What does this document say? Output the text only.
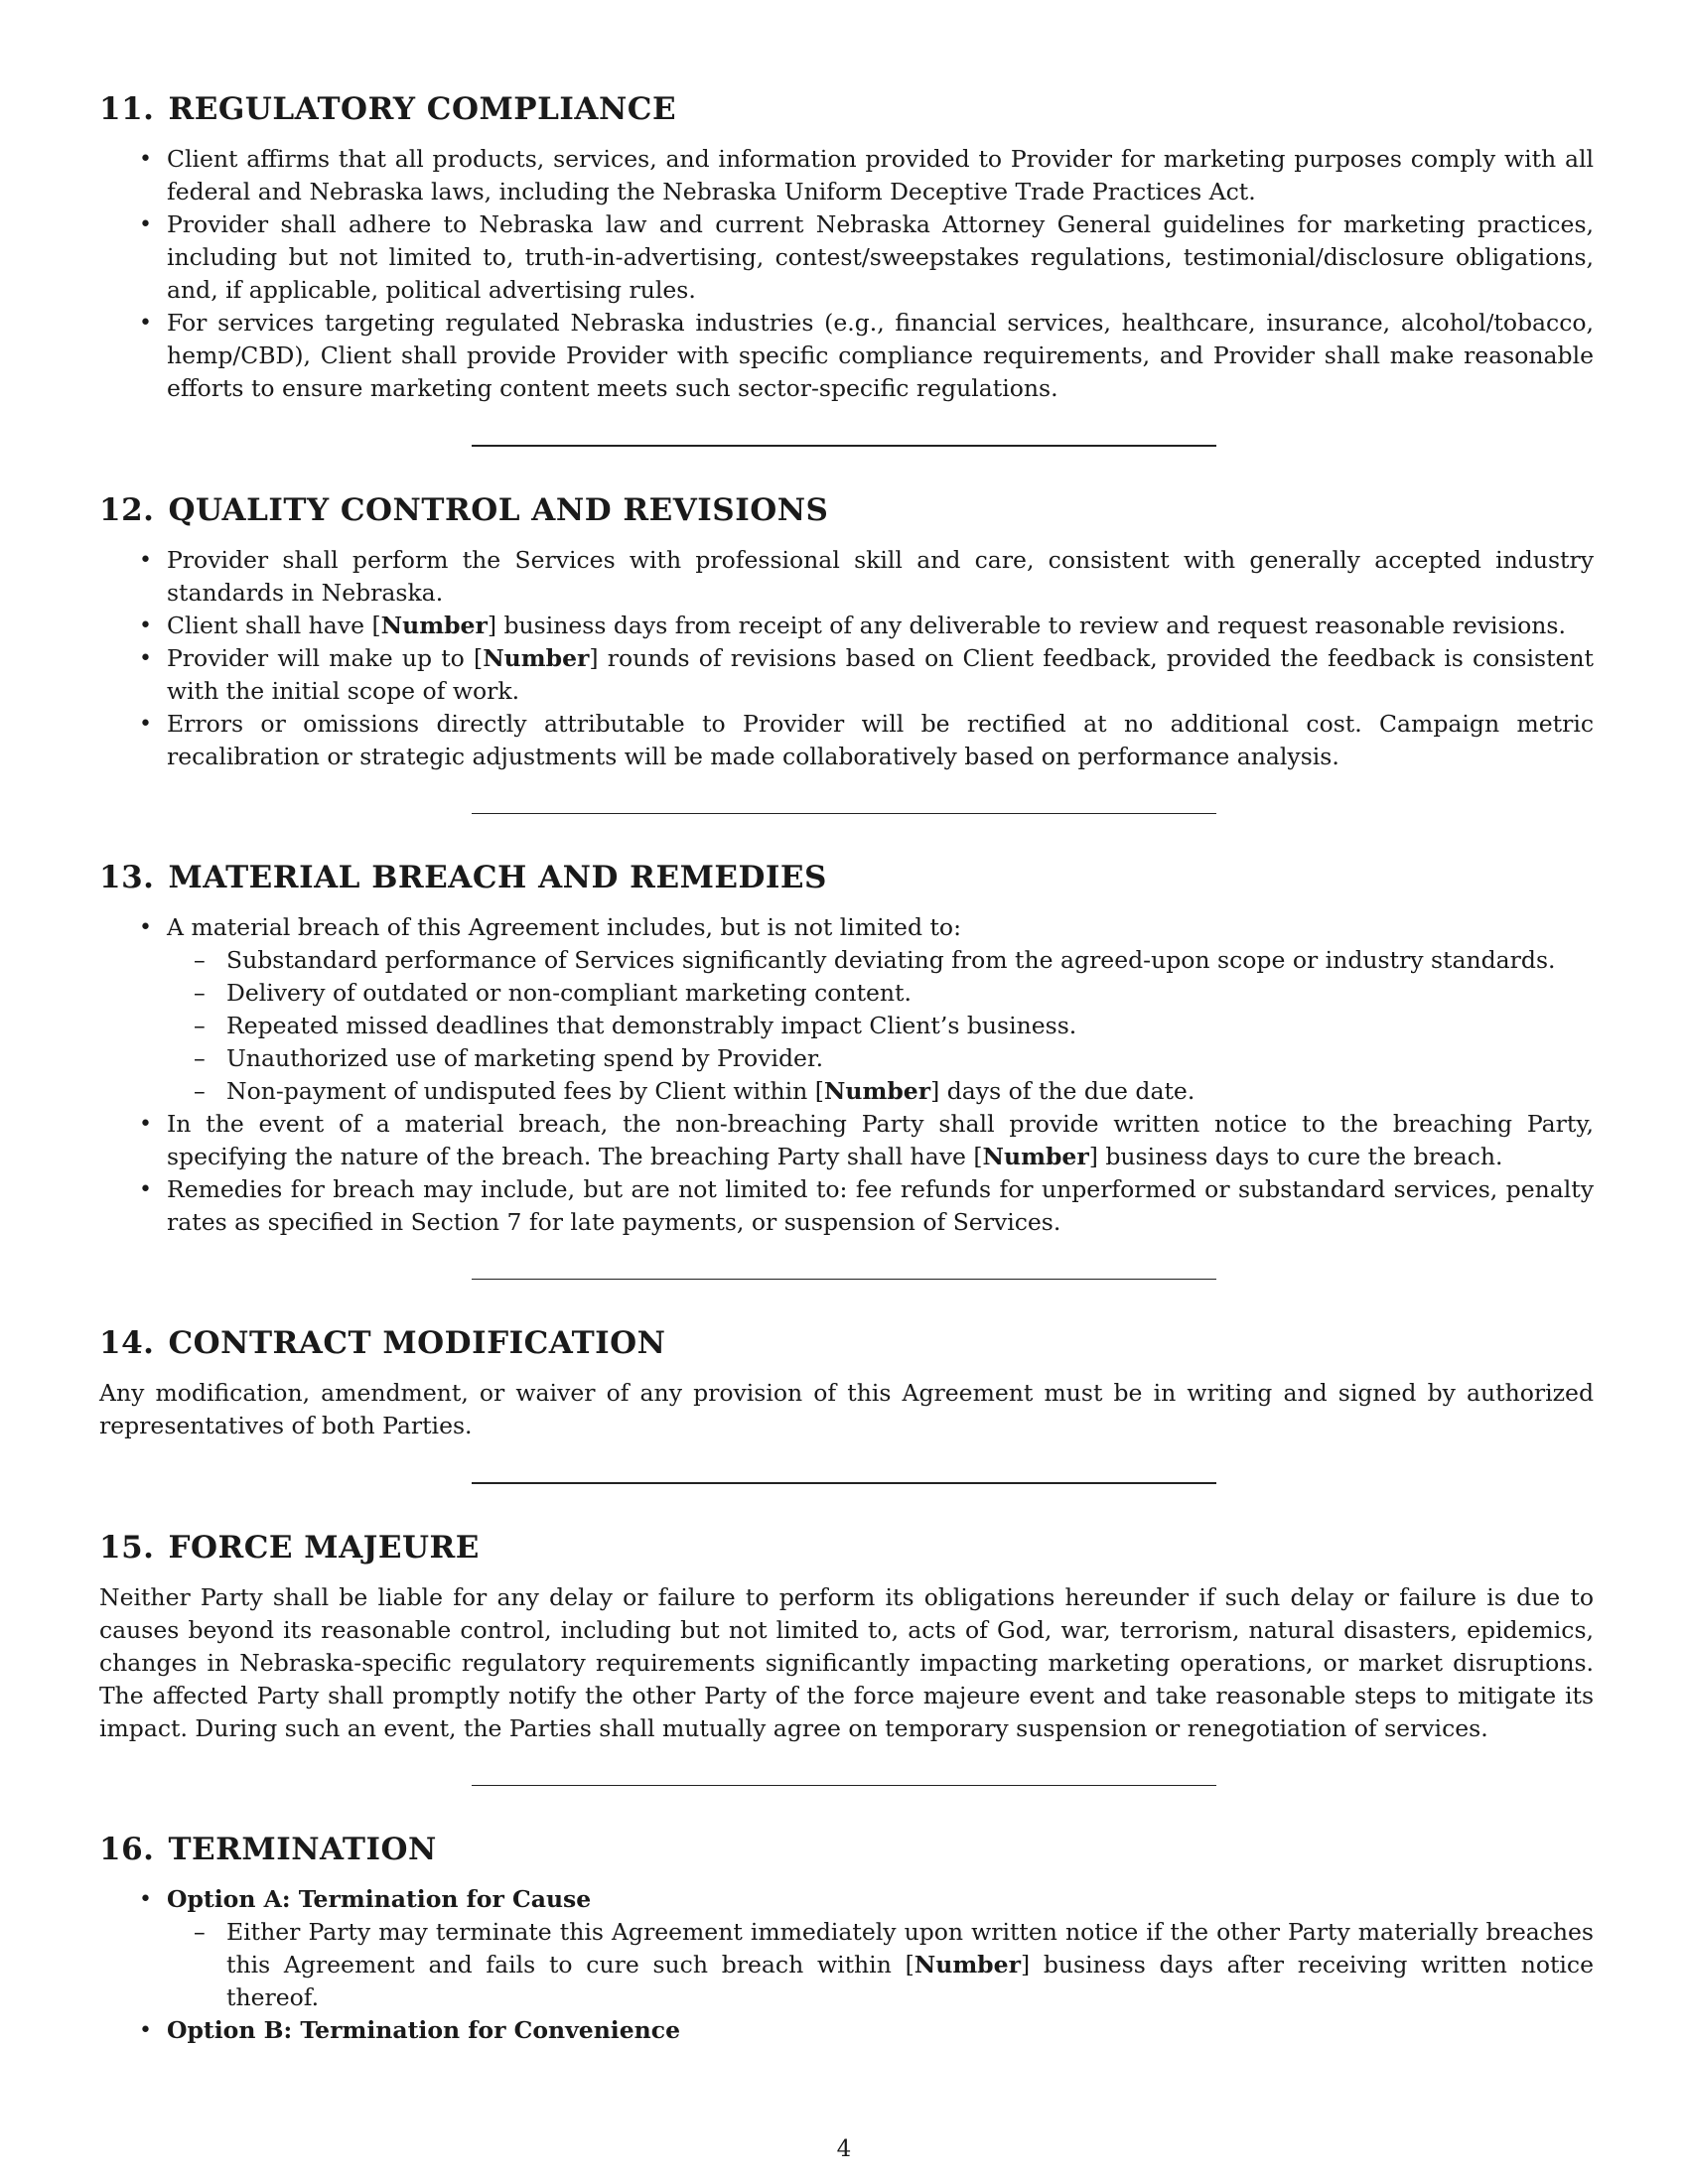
11. REGULATORY COMPLIANCE
• Client affirms that all products, services, and information provided to Provider for marketing purposes comply with all federal and Nebraska laws, including the Nebraska Uniform Deceptive Trade Practices Act.
• Provider shall adhere to Nebraska law and current Nebraska Attorney General guidelines for marketing practices, including but not limited to, truth-in-advertising, contest/sweepstakes regulations, testimonial/disclosure obligations, and, if applicable, political advertising rules.
• For services targeting regulated Nebraska industries (e.g., financial services, healthcare, insurance, alcohol/tobacco, hemp/CBD), Client shall provide Provider with specific compliance requirements, and Provider shall make reasonable efforts to ensure marketing content meets such sector-specific regulations.
12. QUALITY CONTROL AND REVISIONS
• Provider shall perform the Services with professional skill and care, consistent with generally accepted industry standards in Nebraska.
• Client shall have [Number] business days from receipt of any deliverable to review and request reasonable revisions.
• Provider will make up to [Number] rounds of revisions based on Client feedback, provided the feedback is consistent with the initial scope of work.
• Errors or omissions directly attributable to Provider will be rectified at no additional cost. Campaign metric recalibration or strategic adjustments will be made collaboratively based on performance analysis.
13. MATERIAL BREACH AND REMEDIES
• A material breach of this Agreement includes, but is not limited to:
– Substandard performance of Services significantly deviating from the agreed-upon scope or industry standards.
– Delivery of outdated or non-compliant marketing content.
– Repeated missed deadlines that demonstrably impact Client’s business.
– Unauthorized use of marketing spend by Provider.
– Non-payment of undisputed fees by Client within [Number] days of the due date.
• In the event of a material breach, the non-breaching Party shall provide written notice to the breaching Party, specifying the nature of the breach. The breaching Party shall have [Number] business days to cure the breach.
• Remedies for breach may include, but are not limited to: fee refunds for unperformed or substandard services, penalty rates as specified in Section 7 for late payments, or suspension of Services.
14. CONTRACT MODIFICATION

Any modification, amendment, or waiver of any provision of this Agreement must be in writing and signed by authorized representatives of both Parties.

15. FORCE MAJEURE

Neither Party shall be liable for any delay or failure to perform its obligations hereunder if such delay or failure is due to causes beyond its reasonable control, including but not limited to, acts of God, war, terrorism, natural disasters, epidemics, changes in Nebraska-specific regulatory requirements significantly impacting marketing operations, or market disruptions. The affected Party shall promptly notify the other Party of the force majeure event and take reasonable steps to mitigate its impact. During such an event, the Parties shall mutually agree on temporary suspension or renegotiation of services.

16. TERMINATION
• Option A: Termination for Cause
– Either Party may terminate this Agreement immediately upon written notice if the other Party materially breaches this Agreement and fails to cure such breach within [Number] business days after receiving written notice thereof.
• Option B: Termination for Convenience
4
